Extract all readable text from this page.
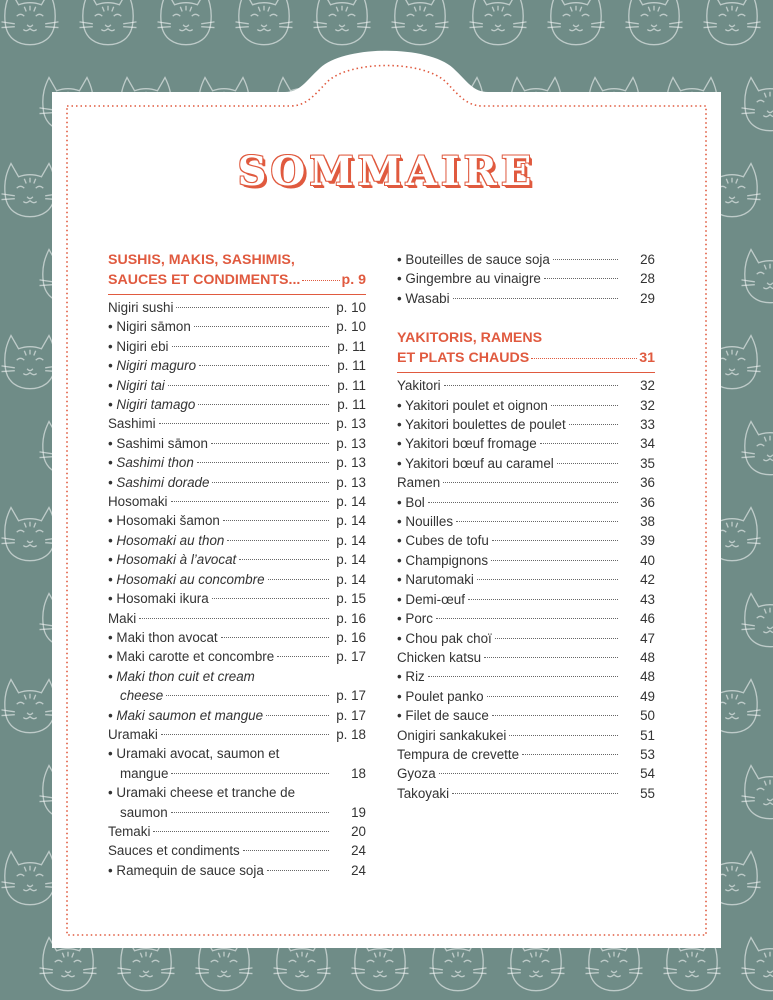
SOMMAIRE
SUSHIS, MAKIS, SASHIMIS,
SAUCES ET CONDIMENTS...	p. 9
Nigiri sushi	p. 10
• Nigiri sāmon	p. 10
• Nigiri ebi	p. 11
• Nigiri maguro	p. 11
• Nigiri tai	p. 11
• Nigiri tamago	p. 11
Sashimi	p. 13
• Sashimi sāmon	p. 13
• Sashimi thon	p. 13
• Sashimi dorade	p. 13
Hosomaki	p. 14
• Hosomaki šamon	p. 14
• Hosomaki au thon	p. 14
• Hosomaki à l’avocat	p. 14
• Hosomaki au concombre	p. 14
• Hosomaki ikura	p. 15
Maki	p. 16
• Maki thon avocat	p. 16
• Maki carotte et concombre	p. 17
• Maki thon cuit et cream
cheese	p. 17
• Maki saumon et mangue	p. 17
Uramaki	p. 18
• Uramaki avocat, saumon et
mangue	18
• Uramaki cheese et tranche de
saumon	19
Temaki	20
Sauces et condiments	24
• Ramequin de sauce soja	24
• Bouteilles de sauce soja	26
• Gingembre au vinaigre	28
• Wasabi	29
YAKITORIS, RAMENS
ET PLATS CHAUDS	31
Yakitori	32
• Yakitori poulet et oignon	32
• Yakitori boulettes de poulet	33
• Yakitori bœuf fromage	34
• Yakitori bœuf au caramel	35
Ramen	36
• Bol	36
• Nouilles	38
• Cubes de tofu	39
• Champignons	40
• Narutomaki	42
• Demi-œuf	43
• Porc	46
• Chou pak choï	47
Chicken katsu	48
• Riz	48
• Poulet panko	49
• Filet de sauce	50
Onigiri sankakukei	51
Tempura de crevette	53
Gyoza	54
Takoyaki	55
